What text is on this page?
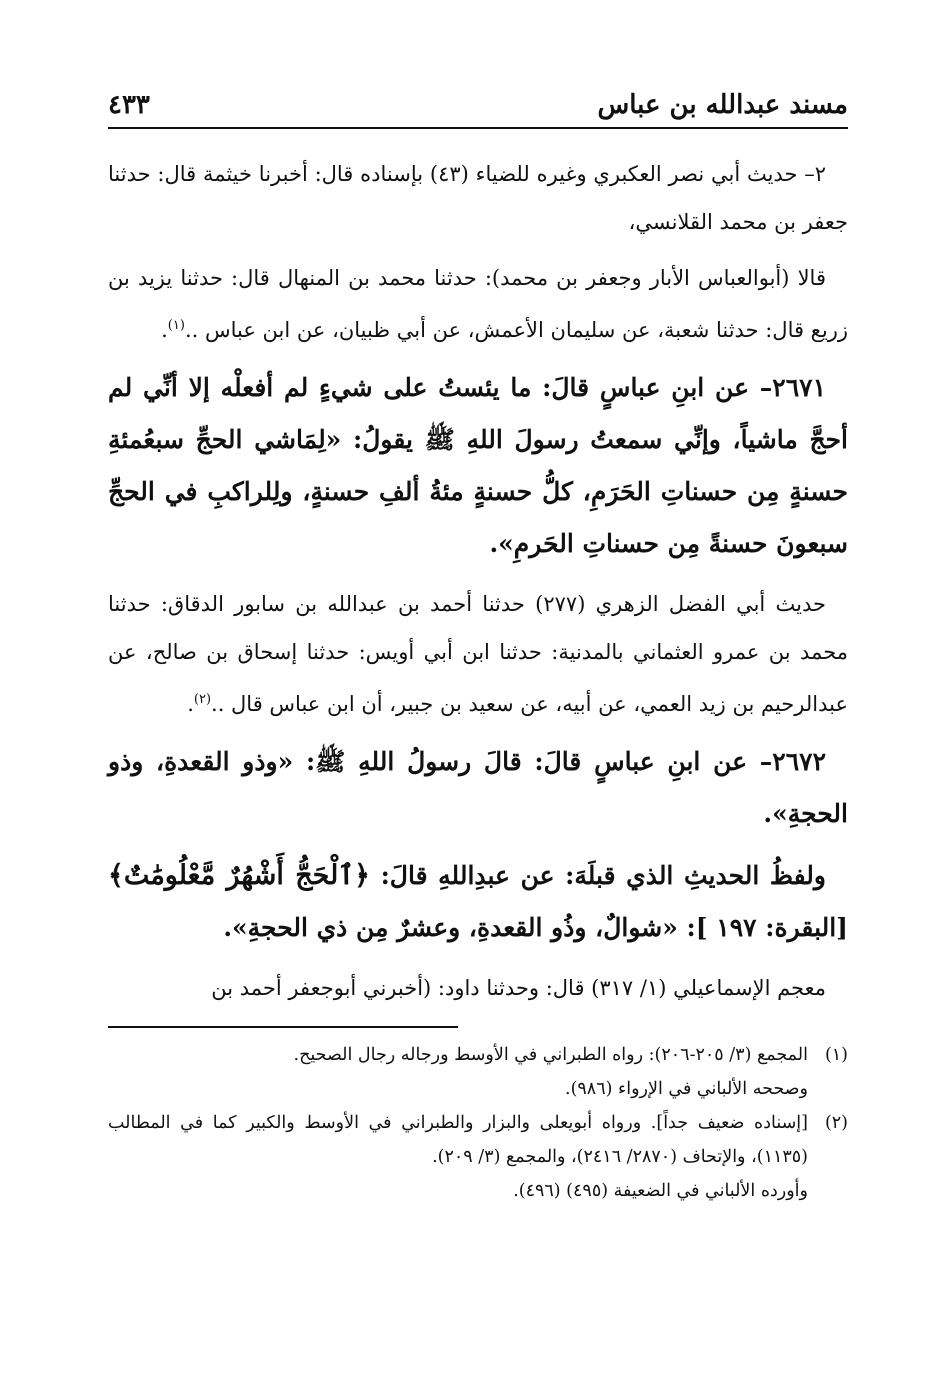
مسند عبدالله بن عباس
٤٣٣

٢– حديث أبي نصر العكبري وغيره للضياء (٤٣) بإسناده قال: أخبرنا خيثمة قال: حدثنا جعفر بن محمد القلانسي،

قالا (أبوالعباس الأبار وجعفر بن محمد): حدثنا محمد بن المنهال قال: حدثنا يزيد بن زريع قال: حدثنا شعبة، عن سليمان الأعمش، عن أبي ظبيان، عن ابن عباس ..$^{(١)}$.

٢٦٧١– عن ابنِ عباسٍ قالَ: ما يئستُ على شيءٍ لم أفعلْه إلا أنِّي لم أحجَّ ماشياً، وإنِّي سمعتُ رسولَ اللهِ ﷺ يقولُ: «لِمَاشي الحجِّ سبعُمئةِ حسنةٍ مِن حسناتِ الحَرَمِ، كلُّ حسنةٍ مئةُ ألفِ حسنةٍ، ولِلراكبِ في الحجِّ سبعونَ حسنةً مِن حسناتِ الحَرمِ».

حديث أبي الفضل الزهري (٢٧٧) حدثنا أحمد بن عبدالله بن سابور الدقاق: حدثنا محمد بن عمرو العثماني بالمدنية: حدثنا ابن أبي أويس: حدثنا إسحاق بن صالح، عن عبدالرحيم بن زيد العمي، عن أبيه، عن سعيد بن جبير، أن ابن عباس قال ..$^{(٢)}$.

٢٦٧٢– عن ابنِ عباسٍ قالَ: قالَ رسولُ اللهِ ﷺ: «وذو القعدةِ، وذو الحجةِ».

ولفظُ الحديثِ الذي قبلَهَ: عن عبدِاللهِ قالَ: ﴿ٱلْحَجُّ أَشْهُرٌ مَّعْلُومَٰتٌ﴾ [البقرة: ١٩٧ ]: «شوالٌ، وذُو القعدةِ، وعشرٌ مِن ذي الحجةِ».

معجم الإسماعيلي (١/ ٣١٧) قال: وحدثنا داود: (أخبرني أبوجعفر أحمد بن

(١)
المجمع (٣/ ٢٠٥-٢٠٦): رواه الطبراني في الأوسط ورجاله رجال الصحيح.
وصححه الألباني في الإرواء (٩٨٦).
(٢)
[إسناده ضعيف جداً]. ورواه أبويعلى والبزار والطبراني في الأوسط والكبير كما في المطالب (١١٣٥)، والإتحاف (٢٨٧٠/ ٢٤١٦)، والمجمع (٣/ ٢٠٩).
وأورده الألباني في الضعيفة (٤٩٥) (٤٩٦).
